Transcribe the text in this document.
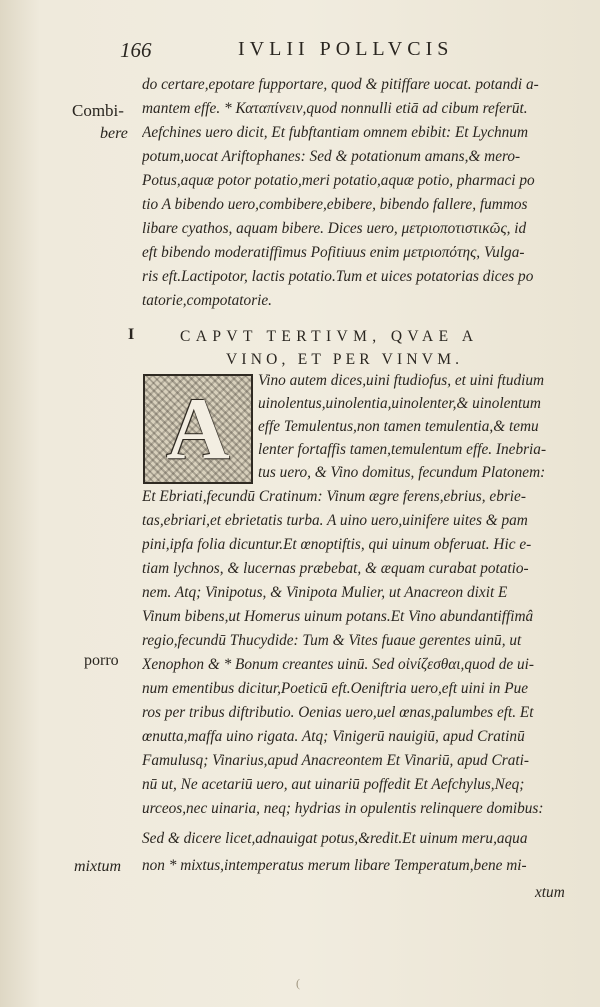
166	IVLII POLLVCIS
do certare,epotare fupportare, quod & pitiffare uocat. potandi a-
mantem effe. * Καταπίνειν,quod nonnulli etiā ad cibum referūt.
Aefchines uero dicit, Et fubftantiam omnem ebibit: Et Lychnum
potum,uocat Ariftophanes: Sed & potationum amans,& mero-
Potus,aquæ potor potatio,meri potatio,aquæ potio, pharmaci po
tio A bibendo uero,combibere,ebibere, bibendo fallere, fummos
libare cyathos, aquam bibere. Dices uero, μετριοποτιστικῶς, id
eft bibendo moderatiffimus Pofitiuus enim μετριοπότης, Vulga-
ris eft.Lactipotor, lactis potatio.Tum et uices potatorias dices po
tatorie,compotatorie.
Combi-
bere
porro
mixtum
I	CAPVT TERTIVM, QVAE A
VINO, ET PER VINVM.
A	Vino autem dices,uini ftudiofus, et uini ftudium
uinolentus,uinolentia,uinolenter,& uinolentum
effe Temulentus,non tamen temulentia,& temu
lenter fortaffis tamen,temulentum effe. Inebria-
tus uero, & Vino domitus, fecundum Platonem:
Et Ebriati,fecundū Cratinum: Vinum ægre ferens,ebrius, ebrie-
tas,ebriari,et ebrietatis turba. A uino uero,uinifere uites & pam
pini,ipfa folia dicuntur.Et œnoptiftis, qui uinum obferuat. Hic e-
tiam lychnos, & lucernas præbebat, & æquam curabat potatio-
nem. Atq; Vinipotus, & Vinipota Mulier, ut Anacreon dixit E
Vinum bibens,ut Homerus uinum potans.Et Vino abundantiffimâ
regio,fecundū Thucydide: Tum & Vites fuaue gerentes uinū, ut
Xenophon & * Bonum creantes uinū. Sed οἰνίζεσθαι,quod de ui-
num ementibus dicitur,Poeticū eft.Oeniftria uero,eft uini in Pue
ros per tribus diftributio. Oenias uero,uel œnas,palumbes eft. Et
œnutta,maffa uino rigata. Atq; Vinigerū nauigiū, apud Cratinū
Famulusq; Vinarius,apud Anacreontem Et Vinariū, apud Crati-
nū ut, Ne acetariū uero, aut uinariū poffedit Et Aefchylus,Neq;
urceos,nec uinaria, neq; hydrias in opulentis relinquere domibus:
Sed & dicere licet,adnauigat potus,&redit.Et uinum meru,aqua
non * mixtus,intemperatus merum libare Temperatum,bene mi-
xtum
(
